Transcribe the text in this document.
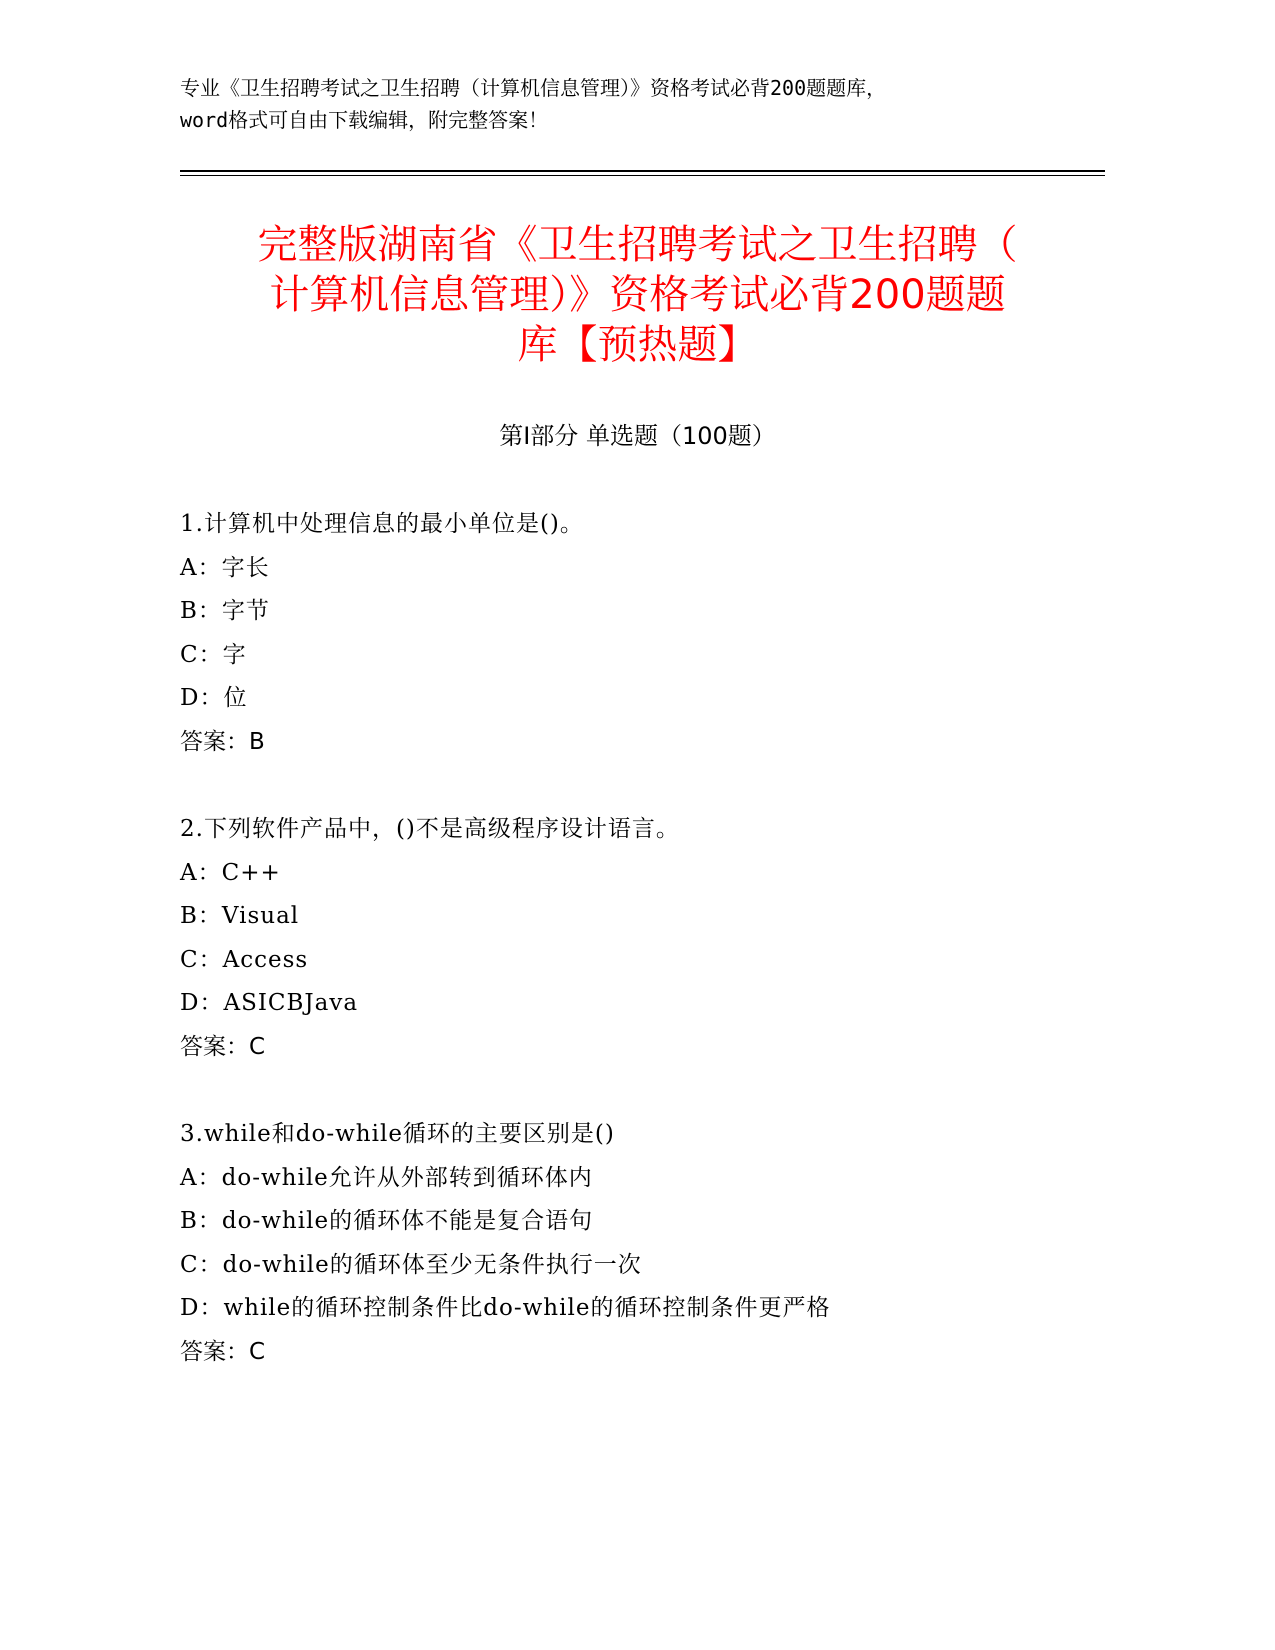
专业《卫生招聘考试之卫生招聘（计算机信息管理）》资格考试必背200题题库，
word格式可自由下载编辑，附完整答案！
完整版湖南省《卫生招聘考试之卫生招聘（
计算机信息管理）》资格考试必背200题题
库【预热题】
第Ⅰ部分 单选题（100题）
1.计算机中处理信息的最小单位是()。
A：字长
B：字节
C：字
D：位
答案：B
2.下列软件产品中，()不是高级程序设计语言。
A：C++
B：Visual
C：Access
D：ASICBJava
答案：C
3.while和do-while循环的主要区别是()
A：do-while允许从外部转到循环体内
B：do-while的循环体不能是复合语句
C：do-while的循环体至少无条件执行一次
D：while的循环控制条件比do-while的循环控制条件更严格
答案：C
